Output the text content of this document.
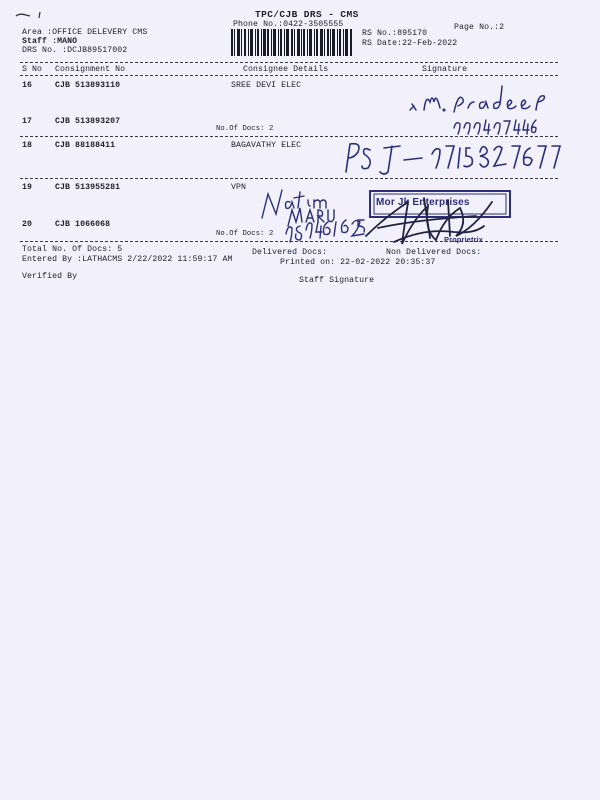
TPC/CJB DRS - CMS
Phone No.:0422-3505555	Page No.:2
RS No.:895170
RS Date:22-Feb-2022
Area :OFFICE DELEVERY CMS
Staff :MANO
DRS No. :DCJB89517002
S No Consignment No	Consignee Details	Signature
16	CJB 513893110	SREE DEVI ELEC
17	CJB 513893207
No.Of Docs: 2
18	CJB 88188411	BAGAVATHY ELEC
19	CJB 513955281	VPN
20	CJB 1066068
No.Of Docs: 2
Total No. Of Docs: 5	Delivered Docs:	Non Delivered Docs:
Entered By :LATHACMS 2/22/2022 11:59:17 AM	Printed on: 22-02-2022 20:35:37
Verified By	Staff Signature
Mor Jk Enterprises
Proprietrix
